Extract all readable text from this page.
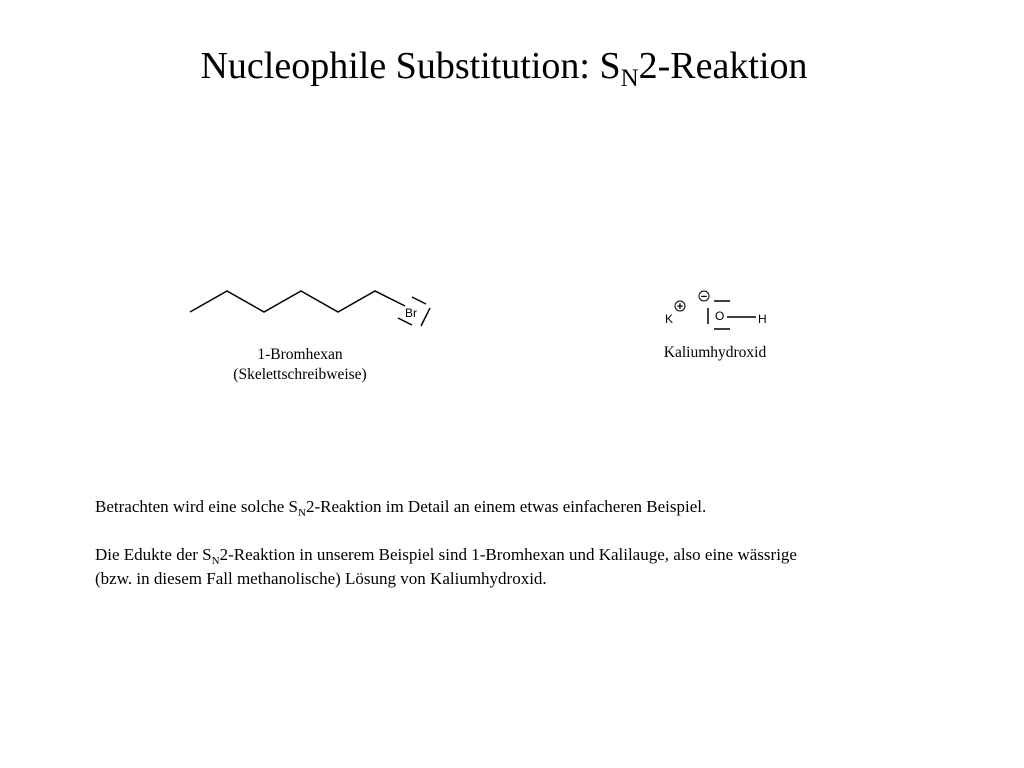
Nucleophile Substitution: $S_N2$-Reaktion
Br
1-Bromhexan
(Skelettschreibweise)
K
+
−
O	H
Kaliumhydroxid
Betrachten wird eine solche $S_N2$-Reaktion im Detail an einem etwas einfacheren Beispiel.
Die Edukte der $S_N2$-Reaktion in unserem Beispiel sind 1-Bromhexan und Kalilauge, also eine wässrige
(bzw. in diesem Fall methanolische) Lösung von Kaliumhydroxid.
